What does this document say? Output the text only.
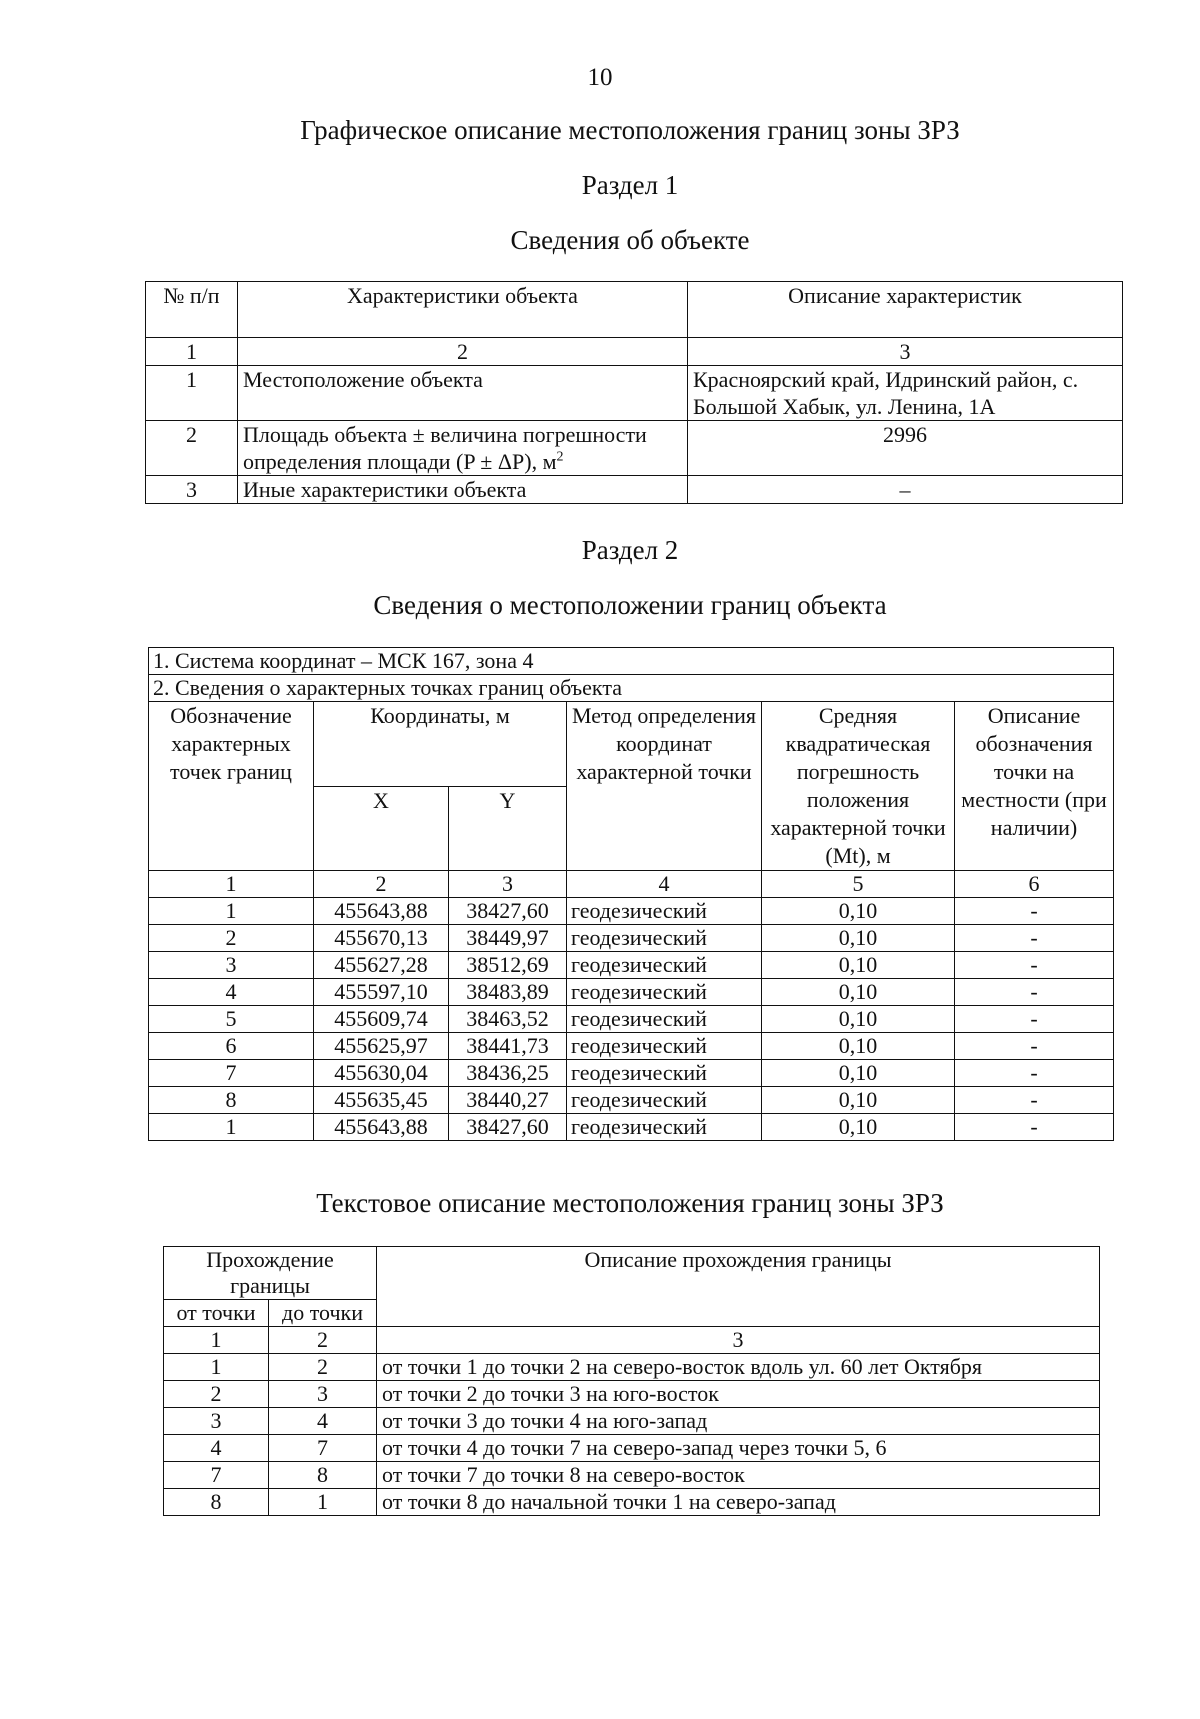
10
Графическое описание местоположения границ зоны ЗРЗ
Раздел 1
Сведения об объекте
№ п/п	Характеристики объекта	Описание характеристик
1	2	3
1	Местоположение объекта	Красноярский край, Идринский район, с. Большой Хабык, ул. Ленина, 1А
2	Площадь объекта ± величина погрешности определения площади (P ± ΔP), $м^2$	2996
3	Иные характеристики объекта	–
Раздел 2
Сведения о местоположении границ объекта
1. Система координат – МСК 167, зона 4					
2. Сведения о характерных точках границ объекта					
Обозначение характерных точек границ	Координаты, м		Метод определения координат характерной точки	Средняя квадратическая погрешность положения характерной точки (Mt), м	Описание обозначения точки на местности (при наличии)
	X	Y			
1	2	3	4	5	6
1	455643,88	38427,60	геодезический	0,10	-
2	455670,13	38449,97	геодезический	0,10	-
3	455627,28	38512,69	геодезический	0,10	-
4	455597,10	38483,89	геодезический	0,10	-
5	455609,74	38463,52	геодезический	0,10	-
6	455625,97	38441,73	геодезический	0,10	-
7	455630,04	38436,25	геодезический	0,10	-
8	455635,45	38440,27	геодезический	0,10	-
1	455643,88	38427,60	геодезический	0,10	-
Текстовое описание местоположения границ зоны ЗРЗ
Прохождение границы		Описание прохождения границы
от точки	до точки	
1	2	3
1	2	от точки 1 до точки 2 на северо-восток вдоль ул. 60 лет Октября
2	3	от точки 2 до точки 3 на юго-восток
3	4	от точки 3 до точки 4 на юго-запад
4	7	от точки 4 до точки 7 на северо-запад через точки 5, 6
7	8	от точки 7 до точки 8 на северо-восток
8	1	от точки 8 до начальной точки 1 на северо-запад
